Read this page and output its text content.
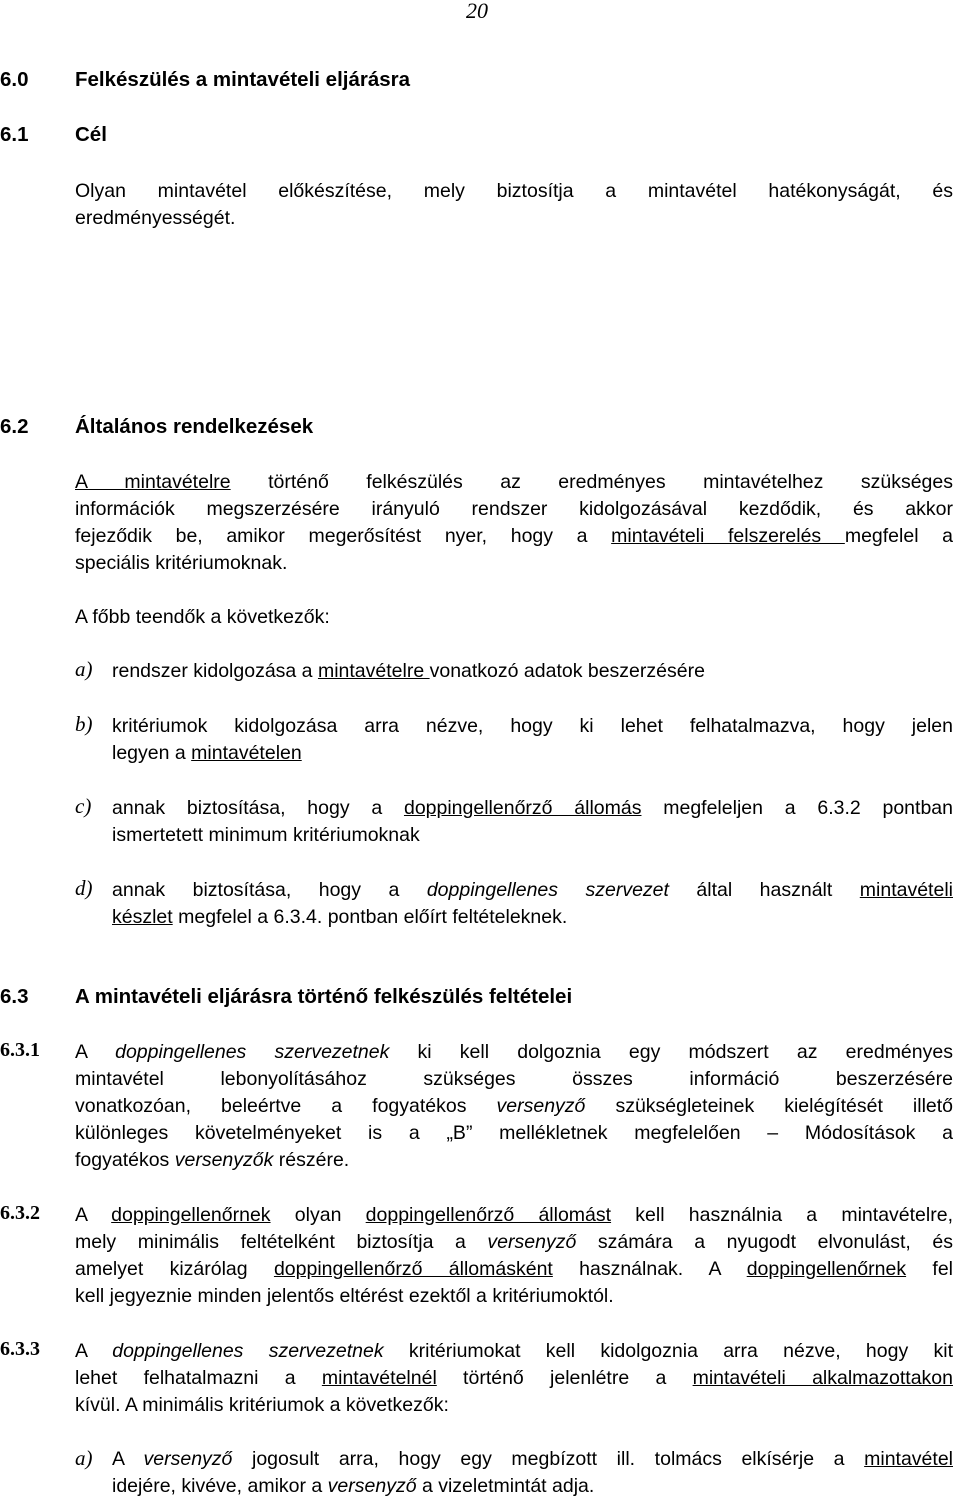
20
6.0 Felkészülés a mintavételi eljárásra
6.1 Cél
Olyan mintavétel előkészítése, mely biztosítja a mintavétel hatékonyságát, és
eredményességét.
6.2 Általános rendelkezések
A mintavételre történő felkészülés az eredményes mintavételhez szükséges
információk megszerzésére irányuló rendszer kidolgozásával kezdődik, és akkor
fejeződik be, amikor megerősítést nyer, hogy a mintavételi felszerelés megfelel a
speciális kritériumoknak.
A főbb teendők a következők:
a) rendszer kidolgozása a mintavételre vonatkozó adatok beszerzésére
b) kritériumok kidolgozása arra nézve, hogy ki lehet felhatalmazva, hogy jelen
legyen a mintavételen
c) annak biztosítása, hogy a doppingellenőrző állomás megfeleljen a 6.3.2 pontban
ismertetett minimum kritériumoknak
d) annak biztosítása, hogy a doppingellenes szervezet által használt mintavételi
készlet megfelel a 6.3.4. pontban előírt feltételeknek.
6.3 A mintavételi eljárásra történő felkészülés feltételei
6.3.1 A doppingellenes szervezetnek ki kell dolgoznia egy módszert az eredményes
mintavétel lebonyolításához szükséges összes információ beszerzésére
vonatkozóan, beleértve a fogyatékos versenyző szükségleteinek kielégítését illető
különleges követelményeket is a „B” mellékletnek megfelelően – Módosítások a
fogyatékos versenyzők részére.
6.3.2 A doppingellenőrnek olyan doppingellenőrző állomást kell használnia a mintavételre,
mely minimális feltételként biztosítja a versenyző számára a nyugodt elvonulást, és
amelyet kizárólag doppingellenőrző állomásként használnak. A doppingellenőrnek fel
kell jegyeznie minden jelentős eltérést ezektől a kritériumoktól.
6.3.3 A doppingellenes szervezetnek kritériumokat kell kidolgoznia arra nézve, hogy kit
lehet felhatalmazni a mintavételnél történő jelenlétre a mintavételi alkalmazottakon
kívül. A minimális kritériumok a következők:
a) A versenyző jogosult arra, hogy egy megbízott ill. tolmács elkísérje a mintavétel
idejére, kivéve, amikor a versenyző a vizeletmintát adja.
